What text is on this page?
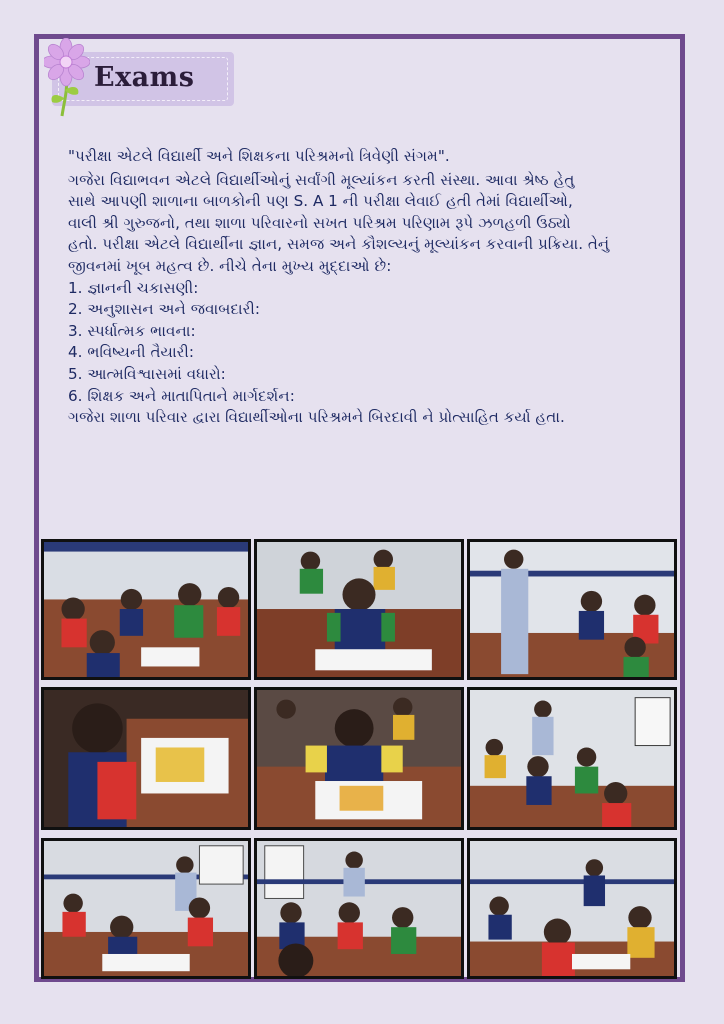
Exams

"પરીક્ષા એટલે વિદ્યાર્થી અને શિક્ષકના પરિશ્રમનો ત્રિવેણી સંગમ".

ગજેરા વિદ્યાભવન એટલે વિદ્યાર્થીઓનું સર્વાંગી મૂલ્યાંકન કરતી સંસ્થા. આવા શ્રેષ્ઠ હેતુ

સાથે આપણી શાળાના બાળકોની પણ S. A 1 ની પરીક્ષા લેવાઈ હતી તેમાં વિદ્યાર્થીઓ,

વાલી શ્રી ગુરુજનો, તથા શાળા પરિવારનો સખત પરિશ્રમ પરિણામ રૂપે ઝળહળી ઉઠ્યો

હતો. પરીક્ષા એટલે વિદ્યાર્થીના જ્ઞાન, સમજ અને કૌશલ્યનું મૂલ્યાંકન કરવાની પ્રક્રિયા. તેનું

જીવનમાં ખૂબ મહત્વ છે. નીચે તેના મુખ્ય મુદ્દાઓ છે:

1. જ્ઞાનની ચકાસણી:

2. અનુશાસન અને જવાબદારી:

3. સ્પર્ધાત્મક ભાવના:

4. ભવિષ્યની તૈયારી:

5. આત્મવિશ્વાસમાં વધારો:

6. શિક્ષક અને માતાપિતાને માર્ગદર્શન:

ગજેરા શાળા પરિવાર દ્વારા વિદ્યાર્થીઓના પરિશ્રમને બિરદાવી ને પ્રોત્સાહિત કર્યા હતા.
